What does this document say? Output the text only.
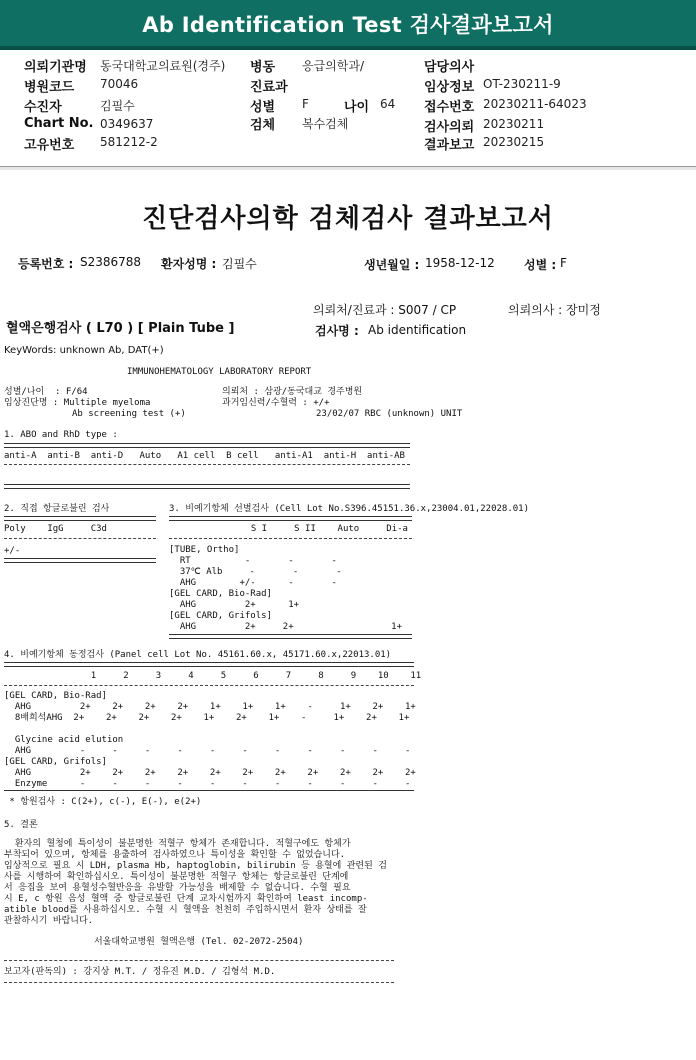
Ab Identification Test 검사결과보고서
의뢰기관명 동국대학교의료원(경주)
병원코드 70046
수진자	김필수
Chart No. 0349637
고유번호 581212-2
병동 응급의학과/
진료과
성별 F	나이 64
검체 복수검체
담당의사
임상정보 OT-230211-9
접수번호 20230211-64023
검사의뢰 20230211
결과보고 20230215
진단검사의학 검체검사 결과보고서
등록번호 : S2386788 환자성명 : 김필수	생년월일 : 1958-12-12 성별 : F
의뢰처/진료과 : S007 / CP	의뢰의사 : 장미정
혈액은행검사 ( L70 ) [ Plain Tube ]	검사명 : Ab identification
KeyWords: unknown Ab, DAT(+)
IMMUNOHEMATOLOGY LABORATORY REPORT
성별/나이  : F/64	의뢰처 : 삼광/동국대교 경주병원
임상진단명 : Multiple myeloma	과거임신력/수혈력 : +/+
Ab screening test (+)	23/02/07 RBC (unknown) UNIT
1. ABO and RhD type :
anti-A  anti-B  anti-D   Auto   A1 cell  B cell   anti-A1  anti-H  anti-AB
2. 직접 항글로불린 검사
Poly    IgG     C3d
+/-
3. 비예기항체 선별검사 (Cell Lot No.S396.45151.36.x,23004.01,22028.01)
S I     S II    Auto     Di-a
[TUBE, Ortho]
RT          -       -       -
37℃ Alb     -       -       -
AHG        +/-      -       -
[GEL CARD, Bio-Rad]
AHG         2+      1+
[GEL CARD, Grifols]
AHG         2+     2+                  1+
4. 비예기항체 동정검사 (Panel cell Lot No. 45161.60.x, 45171.60.x,22013.01)
1     2     3     4     5     6     7     8     9    10    11
[GEL CARD, Bio-Rad]
AHG         2+    2+    2+    2+    1+    1+    1+    -     1+    2+    1+
8배희석AHG  2+    2+    2+    2+    1+    2+    1+    -     1+    2+    1+
Glycine acid elution
AHG         -     -     -     -     -     -     -     -     -     -     -
[GEL CARD, Grifols]
AHG         2+    2+    2+    2+    2+    2+    2+    2+    2+    2+    2+
Enzyme      -     -     -     -     -     -     -     -     -     -     -
* 항원검사 : C(2+), c(-), E(-), e(2+)
5. 결론
환자의 혈청에 특이성이 불분명한 적혈구 항체가 존재합니다. 적혈구에도 항체가
부착되어 있으며, 항체를 용출하여 검사하였으나 특이성을 확인할 수 없었습니다.
임상적으로 필요 시 LDH, plasma Hb, haptoglobin, bilirubin 등 용혈에 관련된 검
사를 시행하여 확인하십시오. 특이성이 불분명한 적혈구 항체는 항글로불린 단계에
서 응집을 보여 용혈성수혈반응을 유발할 가능성을 배제할 수 없습니다. 수혈 필요
시 E, c 항원 음성 혈액 중 항글로불린 단계 교차시험까지 확인하여 least incomp-
atible blood를 사용하십시오. 수혈 시 혈액을 천천히 주입하시면서 환자 상태를 잘
관찰하시기 바랍니다.
서울대학교병원 혈액은행 (Tel. 02-2072-2504)
보고자(판독의) : 강지상 M.T. / 정유진 M.D. / 김형석 M.D.
